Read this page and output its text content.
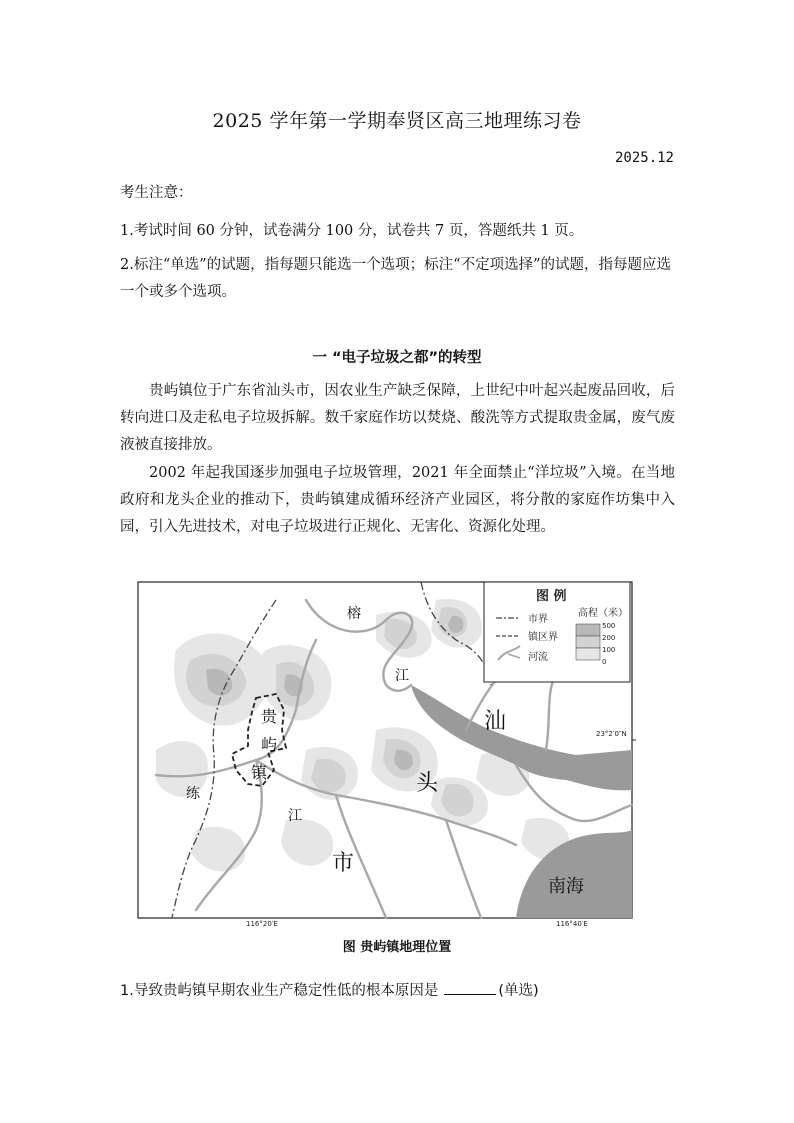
2025 学年第一学期奉贤区高三地理练习卷
2025.12
考生注意：
1.考试时间 60 分钟，试卷满分 100 分，试卷共 7 页，答题纸共 1 页。
2.标注“单选”的试题，指每题只能选一个选项；标注“不定项选择”的试题，指每题应选一个或多个选项。
一 “电子垃圾之都”的转型
贵屿镇位于广东省汕头市，因农业生产缺乏保障，上世纪中叶起兴起废品回收，后转向进口及走私电子垃圾拆解。数千家庭作坊以焚烧、酸洗等方式提取贵金属，废气废液被直接排放。
2002 年起我国逐步加强电子垃圾管理，2021 年全面禁止“洋垃圾”入境。在当地政府和龙头企业的推动下，贵屿镇建成循环经济产业园区，将分散的家庭作坊集中入园，引入先进技术，对电子垃圾进行正规化、无害化、资源化处理。
榕
江
汕
头
市
贵
屿
镇
练
江
南海
图 例
市界
镇区界
河流
高程（米）
500
200
100
0
23°2′0″N
116°20′E	116°40′E
图 贵屿镇地理位置
1.导致贵屿镇早期农业生产稳定性低的根本原因是	(单选)
